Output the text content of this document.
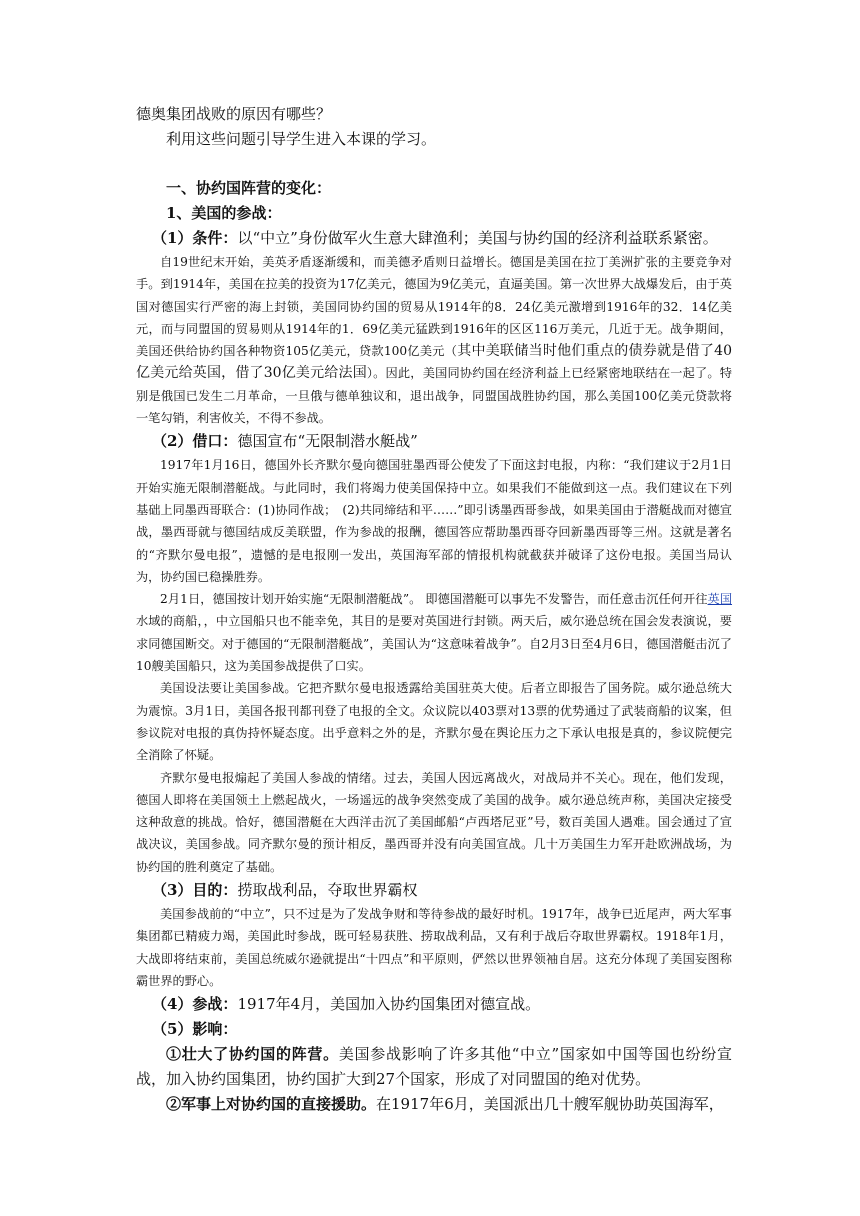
德奥集团战败的原因有哪些？

利用这些问题引导学生进入本课的学习。

一、协约国阵营的变化：

1、美国的参战：

（1）条件：以“中立”身份做军火生意大肆渔利；美国与协约国的经济利益联系紧密。

自19世纪末开始，美英矛盾逐渐缓和，而美德矛盾则日益增长。德国是美国在拉丁美洲扩张的主要竞争对手。到1914年，美国在拉美的投资为17亿美元，德国为9亿美元，直逼美国。第一次世界大战爆发后，由于英国对德国实行严密的海上封锁，美国同协约国的贸易从1914年的8．24亿美元激增到1916年的32．14亿美元，而与同盟国的贸易则从1914年的1．69亿美元猛跌到1916年的区区116万美元，几近于无。战争期间，美国还供给协约国各种物资105亿美元，贷款100亿美元（其中美联储当时他们重点的债券就是借了40亿美元给英国，借了30亿美元给法国）。因此，美国同协约国在经济利益上已经紧密地联结在一起了。特别是俄国已发生二月革命，一旦俄与德单独议和，退出战争，同盟国战胜协约国，那么美国100亿美元贷款将一笔勾销，利害攸关，不得不参战。

（2）借口：德国宣布“无限制潜水艇战”

1917年1月16日，德国外长齐默尔曼向德国驻墨西哥公使发了下面这封电报，内称：“我们建议于2月1日开始实施无限制潜艇战。与此同时，我们将竭力使美国保持中立。如果我们不能做到这一点。我们建议在下列基础上同墨西哥联合：(1)协同作战；　(2)共同缔结和平……”即引诱墨西哥参战，如果美国由于潜艇战而对德宣战，墨西哥就与德国结成反美联盟，作为参战的报酬，德国答应帮助墨西哥夺回新墨西哥等三州。这就是著名的“齐默尔曼电报”，遗憾的是电报刚一发出，英国海军部的情报机构就截获并破译了这份电报。美国当局认为，协约国已稳操胜券。

2月1日，德国按计划开始实施“无限制潜艇战”。 即德国潜艇可以事先不发警告，而任意击沉任何开往英国水域的商船，，中立国船只也不能幸免，其目的是要对英国进行封锁。两天后，威尔逊总统在国会发表演说，要求同德国断交。对于德国的“无限制潜艇战”，美国认为“这意味着战争”。自2月3日至4月6日，德国潜艇击沉了10艘美国船只，这为美国参战提供了口实。

美国设法要让美国参战。它把齐默尔曼电报透露给美国驻英大使。后者立即报告了国务院。威尔逊总统大为震惊。3月1日，美国各报刊都刊登了电报的全文。众议院以403票对13票的优势通过了武装商船的议案，但参议院对电报的真伪持怀疑态度。出乎意料之外的是，齐默尔曼在舆论压力之下承认电报是真的，参议院便完全消除了怀疑。

齐默尔曼电报煽起了美国人参战的情绪。过去，美国人因远离战火，对战局并不关心。现在，他们发现，德国人即将在美国领土上燃起战火，一场遥远的战争突然变成了美国的战争。威尔逊总统声称，美国决定接受这种敌意的挑战。恰好，德国潜艇在大西洋击沉了美国邮船“卢西塔尼亚”号，数百美国人遇难。国会通过了宣战决议，美国参战。同齐默尔曼的预计相反，墨西哥并没有向美国宣战。几十万美国生力军开赴欧洲战场，为协约国的胜利奠定了基础。

（3）目的：捞取战利品，夺取世界霸权

美国参战前的“中立”，只不过是为了发战争财和等待参战的最好时机。1917年，战争已近尾声，两大军事集团都已精疲力竭，美国此时参战，既可轻易获胜、捞取战利品，又有利于战后夺取世界霸权。1918年1月，大战即将结束前，美国总统威尔逊就提出“十四点”和平原则，俨然以世界领袖自居。这充分体现了美国妄图称霸世界的野心。

（4）参战：1917年4月，美国加入协约国集团对德宣战。

（5）影响：

①壮大了协约国的阵营。美国参战影响了许多其他“中立”国家如中国等国也纷纷宣战，加入协约国集团，协约国扩大到27个国家，形成了对同盟国的绝对优势。

②军事上对协约国的直接援助。在1917年6月，美国派出几十艘军舰协助英国海军，
